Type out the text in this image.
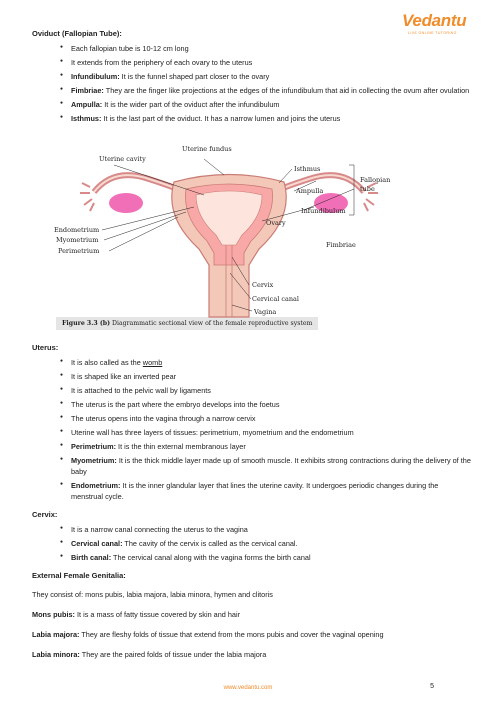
Vedantu
LIVE ONLINE TUTORING
Oviduct (Fallopian Tube):
● Each fallopian tube is 10-12 cm long
● It extends from the periphery of each ovary to the uterus
● Infundibulum: It is the funnel shaped part closer to the ovary
● Fimbriae: They are the finger like projections at the edges of the infundibulum that aid in collecting the ovum after ovulation
● Ampulla: It is the wider part of the oviduct after the infundibulum
● Isthmus: It is the last part of the oviduct. It has a narrow lumen and joins the uterus
Uterine fundus
Uterine cavity
Isthmus
Ampulla
Infundibulum
Fallopian
tube
Endometrium
Myometrium
Perimetrium
Ovary
Fimbriae
Cervix
Cervical canal
Vagina
Figure 3.3 (b) Diagrammatic sectional view of the female reproductive system
Uterus:
● It is also called as the womb
● It is shaped like an inverted pear
● It is attached to the pelvic wall by ligaments
● The uterus is the part where the embryo develops into the foetus
● The uterus opens into the vagina through a narrow cervix
● Uterine wall has three layers of tissues: perimetrium, myometrium and the endometrium
● Perimetrium: It is the thin external membranous layer
● Myometrium: It is the thick middle layer made up of smooth muscle. It exhibits strong contractions during the delivery of the baby
● Endometrium: It is the inner glandular layer that lines the uterine cavity. It undergoes periodic changes during the menstrual cycle.
Cervix:
● It is a narrow canal connecting the uterus to the vagina
● Cervical canal: The cavity of the cervix is called as the cervical canal.
● Birth canal: The cervical canal along with the vagina forms the birth canal
External Female Genitalia:
They consist of: mons pubis, labia majora, labia minora, hymen and clitoris
Mons pubis: It is a mass of fatty tissue covered by skin and hair
Labia majora: They are fleshy folds of tissue that extend from the mons pubis and cover the vaginal opening
Labia minora: They are the paired folds of tissue under the labia majora
www.vedantu.com	5
